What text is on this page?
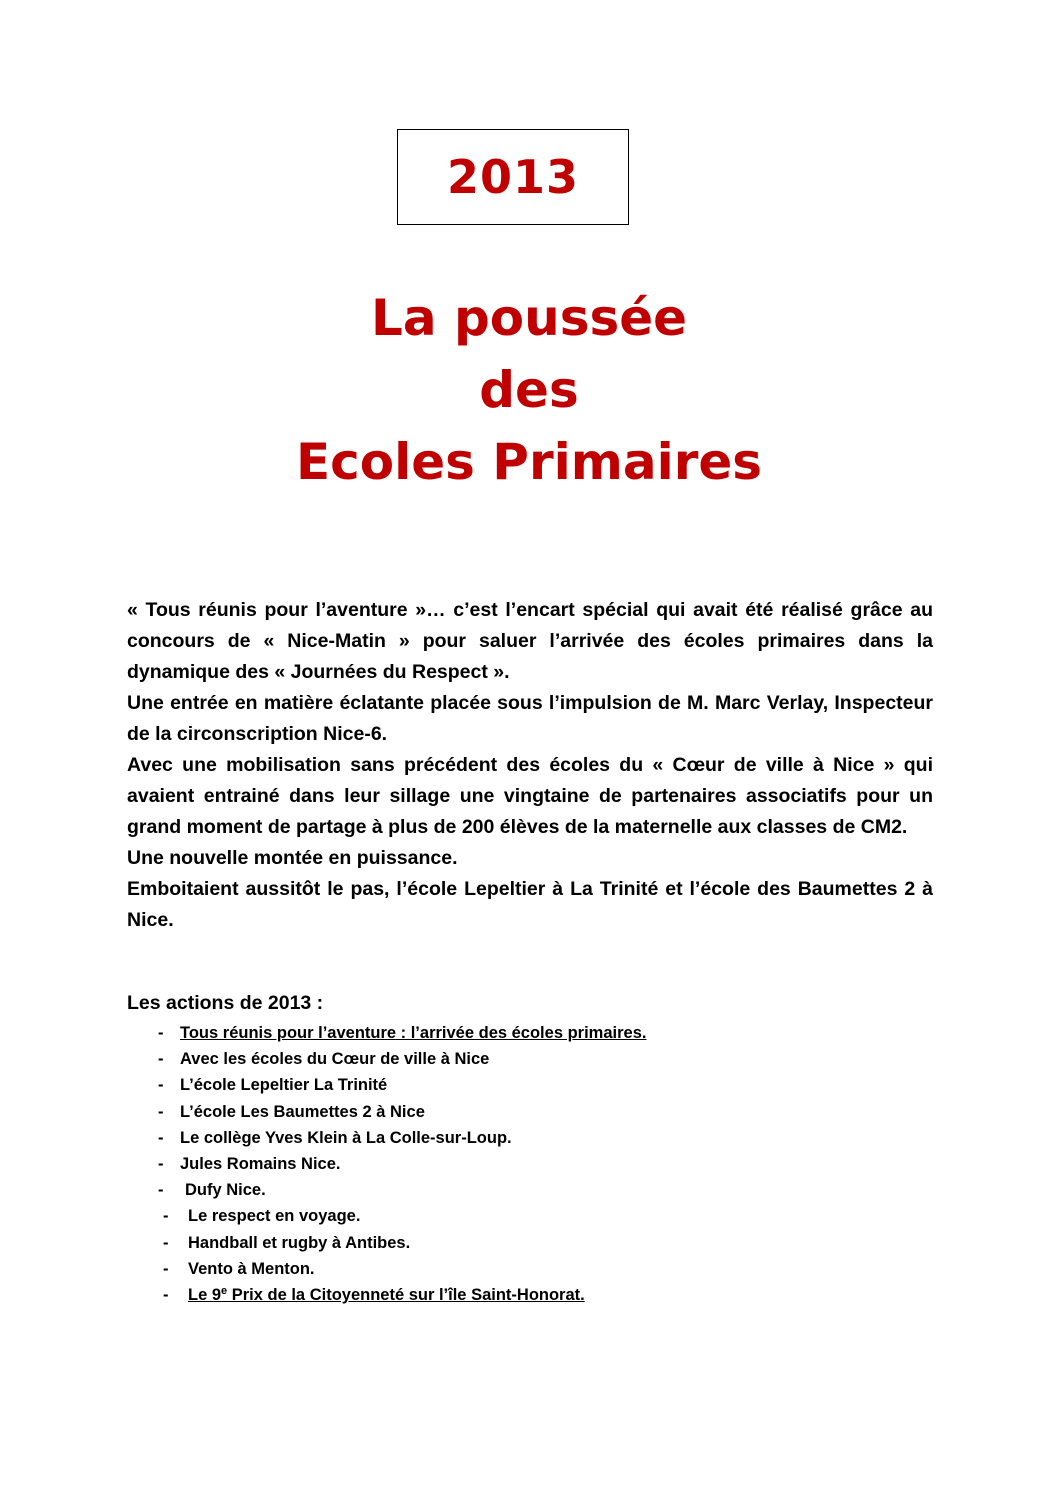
2013
La poussée
des
Ecoles Primaires

« Tous réunis pour l’aventure »… c’est l’encart spécial qui avait été réalisé grâce au concours de « Nice-Matin » pour saluer l’arrivée des écoles primaires dans la dynamique des « Journées du Respect ».

Une entrée en matière éclatante placée sous l’impulsion de M. Marc Verlay, Inspecteur de la circonscription Nice-6.

Avec une mobilisation sans précédent des écoles du « Cœur de ville à Nice » qui avaient entrainé dans leur sillage une vingtaine de partenaires associatifs pour un grand moment de partage à plus de 200 élèves de la maternelle aux classes de CM2.

Une nouvelle montée en puissance.

Emboitaient aussitôt le pas, l’école Lepeltier à La Trinité et l’école des Baumettes 2 à Nice.

Les actions de 2013 :

- Tous réunis pour l’aventure : l’arrivée des écoles primaires.
- Avec les écoles du Cœur de ville à Nice
- L’école Lepeltier La Trinité
- L’école Les Baumettes 2 à Nice
- Le collège Yves Klein à La Colle-sur-Loup.
- Jules Romains Nice.
- Dufy Nice.
- Le respect en voyage.
- Handball et rugby à Antibes.
- Vento à Menton.
- Le 9e Prix de la Citoyenneté sur l’île Saint-Honorat.
